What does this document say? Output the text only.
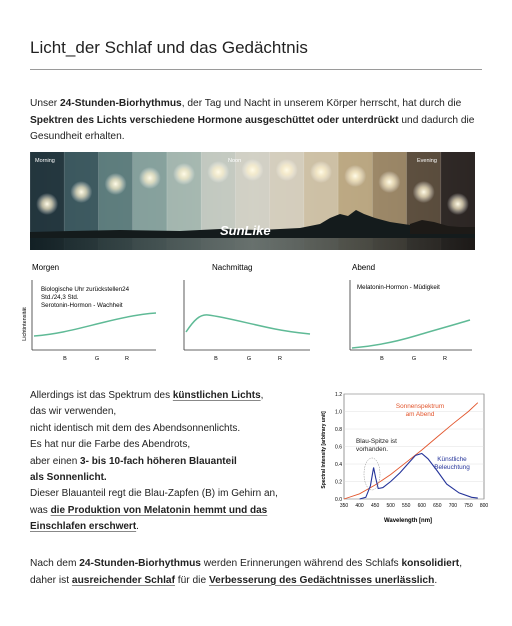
Licht_der Schlaf und das Gedächtnis
Unser 24-Stunden-Biorhythmus, der Tag und Nacht in unserem Körper herrscht, hat durch die Spektren des Lichts verschiedene Hormone ausgeschüttet oder unterdrückt und dadurch die Gesundheit erhalten.
Morning	Noon	Evening
SunLike
Morgen
Lichtintensität
Biologische Uhr zurückstellen24
Std./24,3 Std.
Serotonin-Hormon - Wachheit
B	G	R
Nachmittag
B	G	R
Abend
Melatonin-Hormon - Müdigkeit
B	G	R
Allerdings ist das Spektrum des künstlichen Lichts,
das wir verwenden,
nicht identisch mit dem des Abendsonnenlichts.
Es hat nur die Farbe des Abendrots,
aber einen 3- bis 10-fach höheren Blauanteil
als Sonnenlicht.
Dieser Blauanteil regt die Blau-Zapfen (B) im Gehirn an,
was die Produktion von Melatonin hemmt und das
Einschlafen erschwert.
Spectral Intensity [arbitrary unit]
0.0
0.2
0.4
0.6
0.8
1.0
1.2
350 400 450 500 550 600 650 700 750 800
Sonnenspektrum
am Abend
Blau-Spitze ist
vorhanden.
Künstliche
Beleuchtung
Wavelength [nm]
Nach dem 24-Stunden-Biorhythmus werden Erinnerungen während des Schlafs konsolidiert,
daher ist ausreichender Schlaf für die Verbesserung des Gedächtnisses unerlässlich.
